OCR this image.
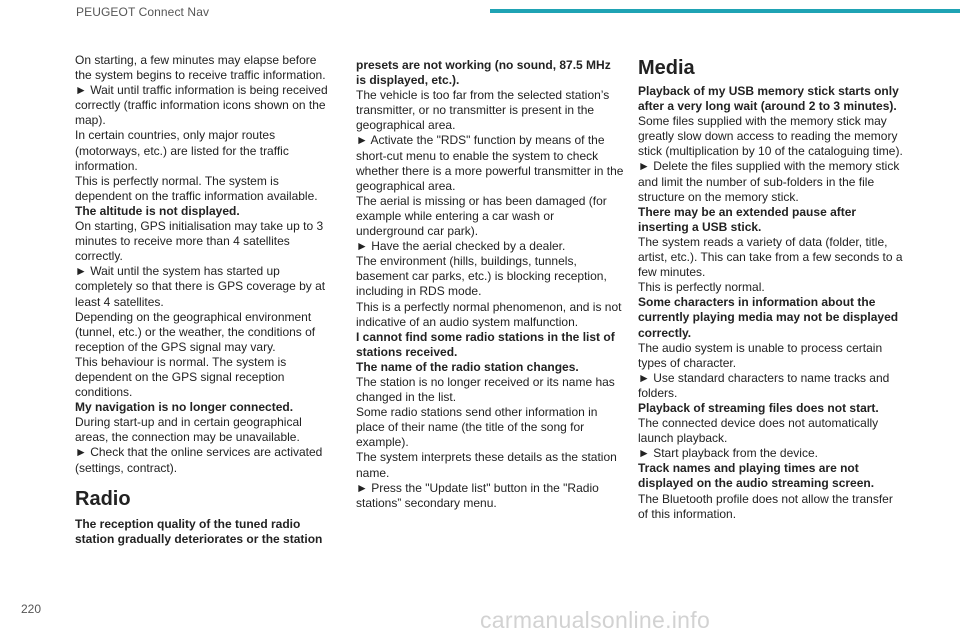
PEUGEOT Connect Nav

On starting, a few minutes may elapse before the system begins to receive traffic information.

► Wait until traffic information is being received correctly (traffic information icons shown on the map).

In certain countries, only major routes (motorways, etc.) are listed for the traffic information.

This is perfectly normal. The system is dependent on the traffic information available.

The altitude is not displayed.

On starting, GPS initialisation may take up to 3 minutes to receive more than 4 satellites correctly.

► Wait until the system has started up completely so that there is GPS coverage by at least 4 satellites.

Depending on the geographical environment (tunnel, etc.) or the weather, the conditions of reception of the GPS signal may vary.

This behaviour is normal. The system is dependent on the GPS signal reception conditions.

My navigation is no longer connected.

During start-up and in certain geographical areas, the connection may be unavailable.

► Check that the online services are activated (settings, contract).

Radio

The reception quality of the tuned radio station gradually deteriorates or the station

presets are not working (no sound, 87.5 MHz is displayed, etc.).

The vehicle is too far from the selected station’s transmitter, or no transmitter is present in the geographical area.

► Activate the "RDS" function by means of the short-cut menu to enable the system to check whether there is a more powerful transmitter in the geographical area.

The aerial is missing or has been damaged (for example while entering a car wash or underground car park).

► Have the aerial checked by a dealer.

The environment (hills, buildings, tunnels, basement car parks, etc.) is blocking reception, including in RDS mode.

This is a perfectly normal phenomenon, and is not indicative of an audio system malfunction.

I cannot find some radio stations in the list of stations received.

The name of the radio station changes.

The station is no longer received or its name has changed in the list.

Some radio stations send other information in place of their name (the title of the song for example).

The system interprets these details as the station name.

► Press the "Update list" button in the "Radio stations” secondary menu.

Media

Playback of my USB memory stick starts only after a very long wait (around 2 to 3 minutes).

Some files supplied with the memory stick may greatly slow down access to reading the memory stick (multiplication by 10 of the cataloguing time).

► Delete the files supplied with the memory stick and limit the number of sub-folders in the file structure on the memory stick.

There may be an extended pause after inserting a USB stick.

The system reads a variety of data (folder, title, artist, etc.). This can take from a few seconds to a few minutes.

This is perfectly normal.

Some characters in information about the currently playing media may not be displayed correctly.

The audio system is unable to process certain types of character.

► Use standard characters to name tracks and folders.

Playback of streaming files does not start.

The connected device does not automatically launch playback.

► Start playback from the device.

Track names and playing times are not displayed on the audio streaming screen.

The Bluetooth profile does not allow the transfer of this information.

220	carmanualsonline.info
